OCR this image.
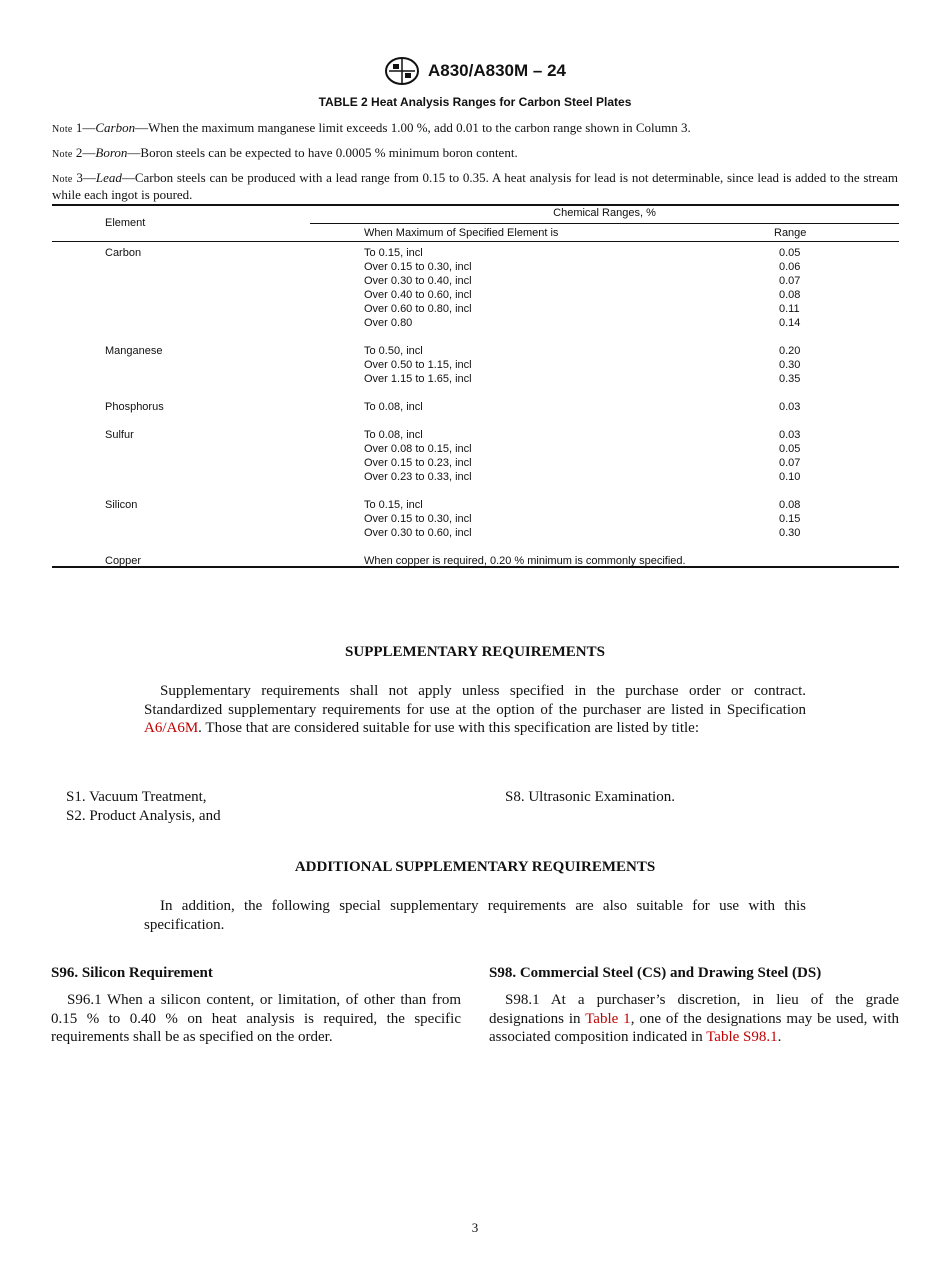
A830/A830M – 24
TABLE 2 Heat Analysis Ranges for Carbon Steel Plates
Note 1—Carbon—When the maximum manganese limit exceeds 1.00 %, add 0.01 to the carbon range shown in Column 3.
Note 2—Boron—Boron steels can be expected to have 0.0005 % minimum boron content.
Note 3—Lead—Carbon steels can be produced with a lead range from 0.15 to 0.35. A heat analysis for lead is not determinable, since lead is added to the stream while each ingot is poured.
Element
Chemical Ranges, %
When Maximum of Specified Element is	Range
Carbon	To 0.15, incl	0.05
Over 0.15 to 0.30, incl	0.06
Over 0.30 to 0.40, incl	0.07
Over 0.40 to 0.60, incl	0.08
Over 0.60 to 0.80, incl	0.11
Over 0.80	0.14
Manganese	To 0.50, incl	0.20
Over 0.50 to 1.15, incl	0.30
Over 1.15 to 1.65, incl	0.35
Phosphorus	To 0.08, incl	0.03
Sulfur	To 0.08, incl	0.03
Over 0.08 to 0.15, incl	0.05
Over 0.15 to 0.23, incl	0.07
Over 0.23 to 0.33, incl	0.10
Silicon	To 0.15, incl	0.08
Over 0.15 to 0.30, incl	0.15
Over 0.30 to 0.60, incl	0.30
Copper	When copper is required, 0.20 % minimum is commonly specified.
SUPPLEMENTARY REQUIREMENTS
Supplementary requirements shall not apply unless specified in the purchase order or contract. Standardized supplementary requirements for use at the option of the purchaser are listed in Specification A6/A6M. Those that are considered suitable for use with this specification are listed by title:
S1. Vacuum Treatment,
S2. Product Analysis, and
S8. Ultrasonic Examination.
ADDITIONAL SUPPLEMENTARY REQUIREMENTS
In addition, the following special supplementary requirements are also suitable for use with this specification.
S96. Silicon Requirement
S96.1 When a silicon content, or limitation, of other than from 0.15 % to 0.40 % on heat analysis is required, the specific requirements shall be as specified on the order.
S98. Commercial Steel (CS) and Drawing Steel (DS)
S98.1 At a purchaser’s discretion, in lieu of the grade designations in Table 1, one of the designations may be used, with associated composition indicated in Table S98.1.
3
